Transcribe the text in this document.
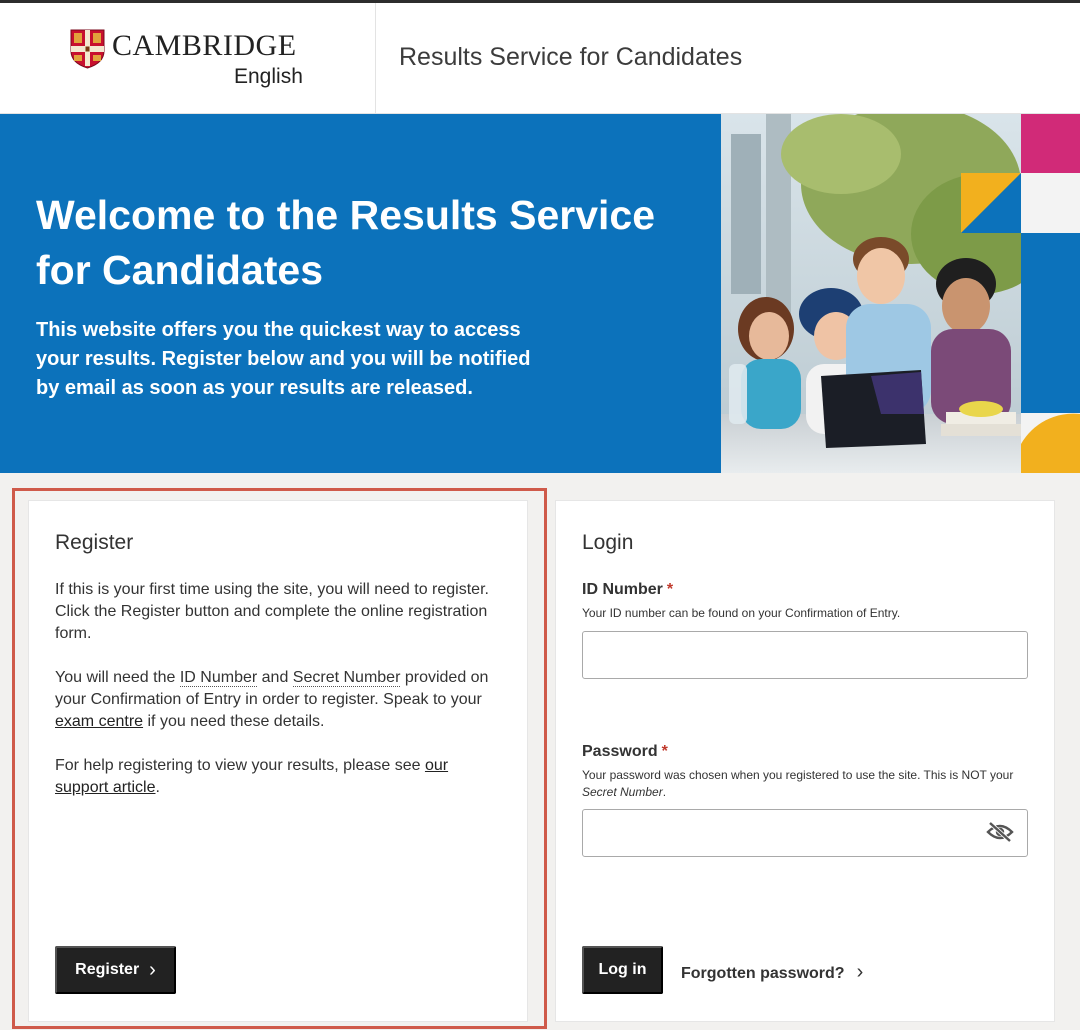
CAMBRIDGE
English
Results Service for Candidates
Welcome to the Results Service for Candidates

This website offers you the quickest way to access your results. Register below and you will be notified by email as soon as your results are released.

Register

If this is your first time using the site, you will need to register. Click the Register button and complete the online registration form.

You will need the ID Number and Secret Number provided on your Confirmation of Entry in order to register. Speak to your exam centre if you need these details.

For help registering to view your results, please see our support article.

Register ›
Login
ID Number *
Your ID number can be found on your Confirmation of Entry.
Password *
Your password was chosen when you registered to use the site. This is NOT your Secret Number.
Log in	Forgotten password? ›
